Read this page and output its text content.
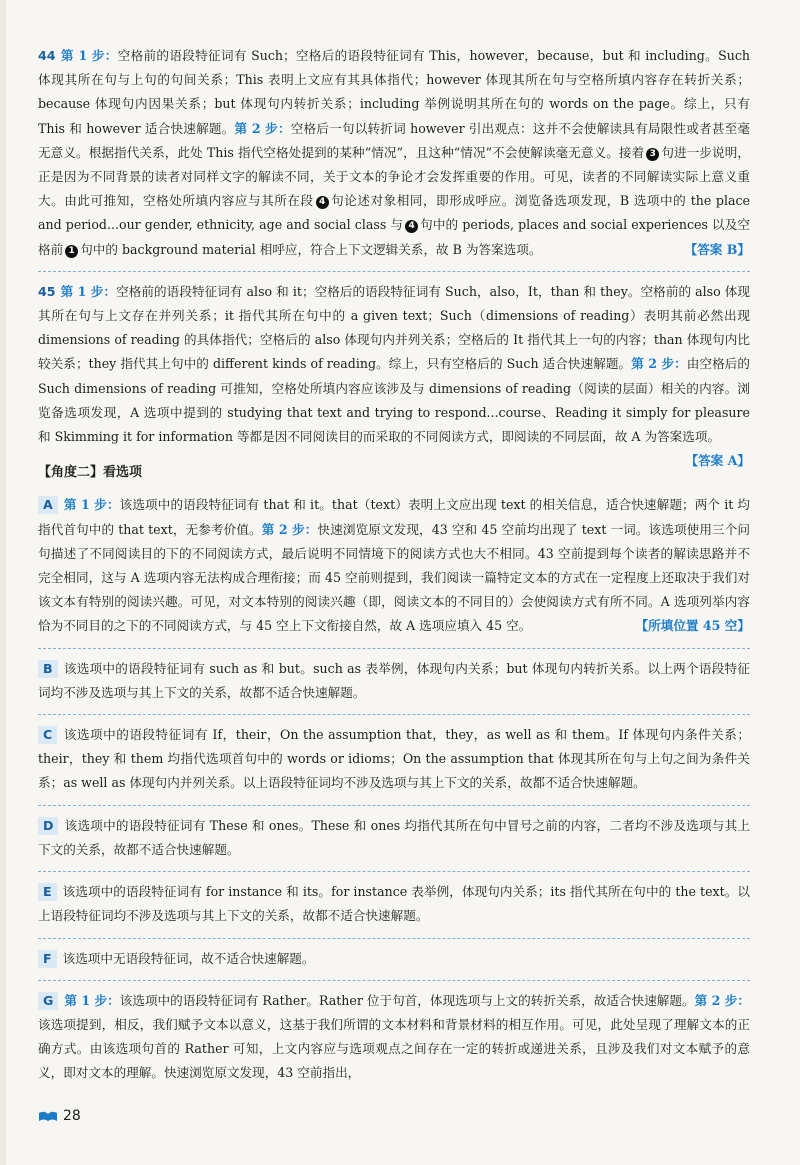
44 第 1 步：空格前的语段特征词有 Such；空格后的语段特征词有 This，however，because，but 和 including。Such 体现其所在句与上句的句间关系；This 表明上文应有其具体指代；however 体现其所在句与空格所填内容存在转折关系；because 体现句内因果关系；but 体现句内转折关系；including 举例说明其所在句的 words on the page。综上，只有 This 和 however 适合快速解题。第 2 步：空格后一句以转折词 however 引出观点：这并不会使解读具有局限性或者甚至毫无意义。根据指代关系，此处 This 指代空格处提到的某种“情况”，且这种“情况”不会使解读毫无意义。接着 3 句进一步说明，正是因为不同背景的读者对同样文字的解读不同，关于文本的争论才会发挥重要的作用。可见，读者的不同解读实际上意义重大。由此可推知，空格处所填内容应与其所在段 4 句论述对象相同，即形成呼应。浏览备选项发现，B 选项中的 the place and period...our gender, ethnicity, age and social class 与 4 句中的 periods, places and social experiences 以及空格前 1 句中的 background material 相呼应，符合上下文逻辑关系，故 B 为答案选项。	【答案 B】
45 第 1 步：空格前的语段特征词有 also 和 it；空格后的语段特征词有 Such，also，It，than 和 they。空格前的 also 体现其所在句与上文存在并列关系；it 指代其所在句中的 a given text；Such（dimensions of reading）表明其前必然出现 dimensions of reading 的具体指代；空格后的 also 体现句内并列关系；空格后的 It 指代其上一句的内容；than 体现句内比较关系；they 指代其上句中的 different kinds of reading。综上，只有空格后的 Such 适合快速解题。第 2 步：由空格后的 Such dimensions of reading 可推知，空格处所填内容应该涉及与 dimensions of reading（阅读的层面）相关的内容。浏览备选项发现，A 选项中提到的 studying that text and trying to respond...course、Reading it simply for pleasure 和 Skimming it for information 等都是因不同阅读目的而采取的不同阅读方式，即阅读的不同层面，故 A 为答案选项。
【答案 A】
【角度二】看选项
A 第 1 步：该选项中的语段特征词有 that 和 it。that（text）表明上文应出现 text 的相关信息，适合快速解题；两个 it 均指代首句中的 that text，无参考价值。第 2 步：快速浏览原文发现，43 空和 45 空前均出现了 text 一词。该选项使用三个问句描述了不同阅读目的下的不同阅读方式，最后说明不同情境下的阅读方式也大不相同。43 空前提到每个读者的解读思路并不完全相同，这与 A 选项内容无法构成合理衔接；而 45 空前则提到，我们阅读一篇特定文本的方式在一定程度上还取决于我们对该文本有特别的阅读兴趣。可见，对文本特别的阅读兴趣（即，阅读文本的不同目的）会使阅读方式有所不同。A 选项列举内容恰为不同目的之下的不同阅读方式，与 45 空上下文衔接自然，故 A 选项应填入 45 空。	【所填位置 45 空】
B 该选项中的语段特征词有 such as 和 but。such as 表举例，体现句内关系；but 体现句内转折关系。以上两个语段特征词均不涉及选项与其上下文的关系，故都不适合快速解题。
C 该选项中的语段特征词有 If，their，On the assumption that，they，as well as 和 them。If 体现句内条件关系；their，they 和 them 均指代选项首句中的 words or idioms；On the assumption that 体现其所在句与上句之间为条件关系；as well as 体现句内并列关系。以上语段特征词均不涉及选项与其上下文的关系，故都不适合快速解题。
D 该选项中的语段特征词有 These 和 ones。These 和 ones 均指代其所在句中冒号之前的内容，二者均不涉及选项与其上下文的关系，故都不适合快速解题。
E 该选项中的语段特征词有 for instance 和 its。for instance 表举例，体现句内关系；its 指代其所在句中的 the text。以上语段特征词均不涉及选项与其上下文的关系，故都不适合快速解题。
F 该选项中无语段特征词，故不适合快速解题。
G 第 1 步：该选项中的语段特征词有 Rather。Rather 位于句首，体现选项与上文的转折关系，故适合快速解题。第 2 步：该选项提到，相反，我们赋予文本以意义，这基于我们所谓的文本材料和背景材料的相互作用。可见，此处呈现了理解文本的正确方式。由该选项句首的 Rather 可知，上文内容应与选项观点之间存在一定的转折或递进关系，且涉及我们对文本赋予的意义，即对文本的理解。快速浏览原文发现，43 空前指出，
28
